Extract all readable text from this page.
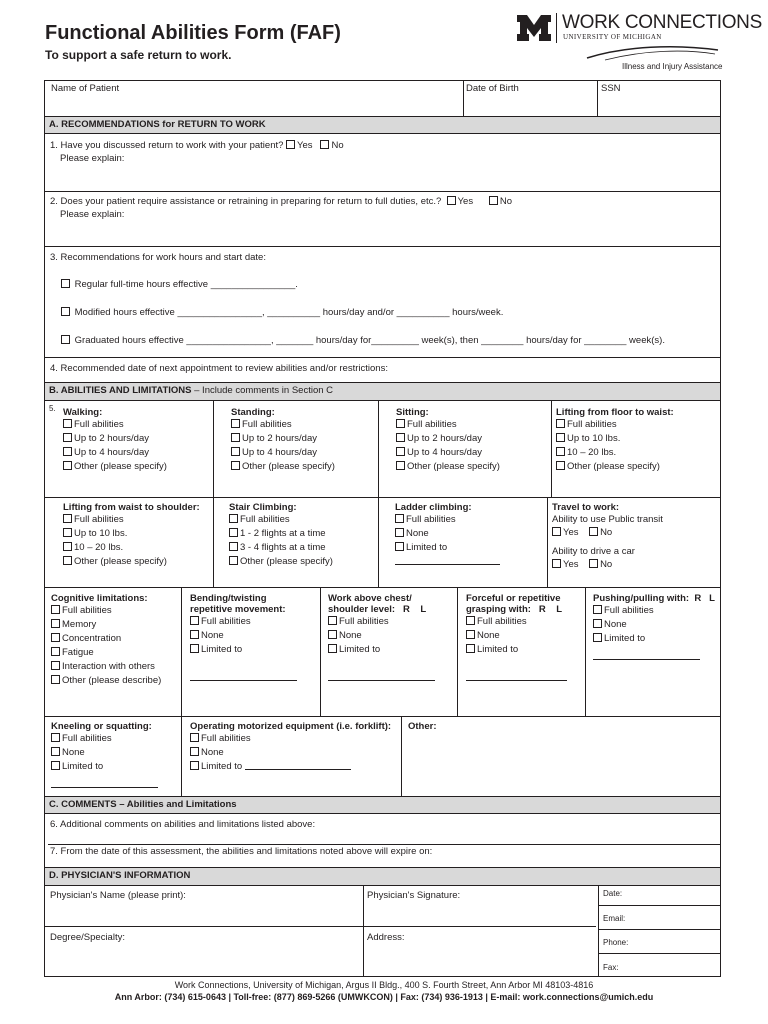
Functional Abilities Form (FAF)
To support a safe return to work.
WORK CONNECTIONS
UNIVERSITY OF MICHIGAN
Illness and Injury Assistance
Name of Patient	Date of Birth	SSN
A. RECOMMENDATIONS for RETURN TO WORK
1. Have you discussed return to work with your patient? Yes No
Please explain:
2. Does your patient require assistance or retraining in preparing for return to full duties, etc.? Yes	No
Please explain:
3. Recommendations for work hours and start date:
Regular full-time hours effective ________________.
Modified hours effective ________________, __________ hours/day and/or __________ hours/week.
Graduated hours effective ________________, _______ hours/day for_________ week(s), then ________ hours/day for ________ week(s).
4. Recommended date of next appointment to review abilities and/or restrictions:
B. ABILITIES AND LIMITATIONS – Include comments in Section C
5. Walking:
Full abilities
Up to 2 hours/day
Up to 4 hours/day
Other (please specify)
Standing:
Full abilities
Up to 2 hours/day
Up to 4 hours/day
Other (please specify)
Sitting:
Full abilities
Up to 2 hours/day
Up to 4 hours/day
Other (please specify)
Lifting from floor to waist:
Full abilities
Up to 10 lbs.
10 – 20 lbs.
Other (please specify)
Lifting from waist to shoulder:
Full abilities
Up to 10 lbs.
10 – 20 lbs.
Other (please specify)
Stair Climbing:
Full abilities
1 - 2 flights at a time
3 - 4 flights at a time
Other (please specify)
Ladder climbing:
Full abilities
None
Limited to
Travel to work:
Ability to use Public transit
Yes No
Ability to drive a car
Yes No
Cognitive limitations:
Full abilities
Memory
Concentration
Fatigue
Interaction with others
Other (please describe)
Bending/twisting
repetitive movement:
Full abilities
None
Limited to
Work above chest/
shoulder level: R    L
Full abilities
None
Limited to
Forceful or repetitive
grasping with: R    L
Full abilities
None
Limited to
Pushing/pulling with: R   L
Full abilities
None
Limited to
Kneeling or squatting:
Full abilities
None
Limited to
Operating motorized equipment (i.e. forklift):
Full abilities
None
Limited to
Other:
C. COMMENTS – Abilities and Limitations
6. Additional comments on abilities and limitations listed above:
7. From the date of this assessment, the abilities and limitations noted above will expire on:
D. PHYSICIAN'S INFORMATION
Physician's Name (please print):	Physician's Signature:
Degree/Specialty:	Address:
Date:
Email:
Phone:
Fax:
Work Connections, University of Michigan, Argus II Bldg., 400 S. Fourth Street, Ann Arbor MI 48103-4816
Ann Arbor: (734) 615-0643 | Toll-free: (877) 869-5266 (UMWKCON) | Fax: (734) 936-1913 | E-mail: work.connections@umich.edu
